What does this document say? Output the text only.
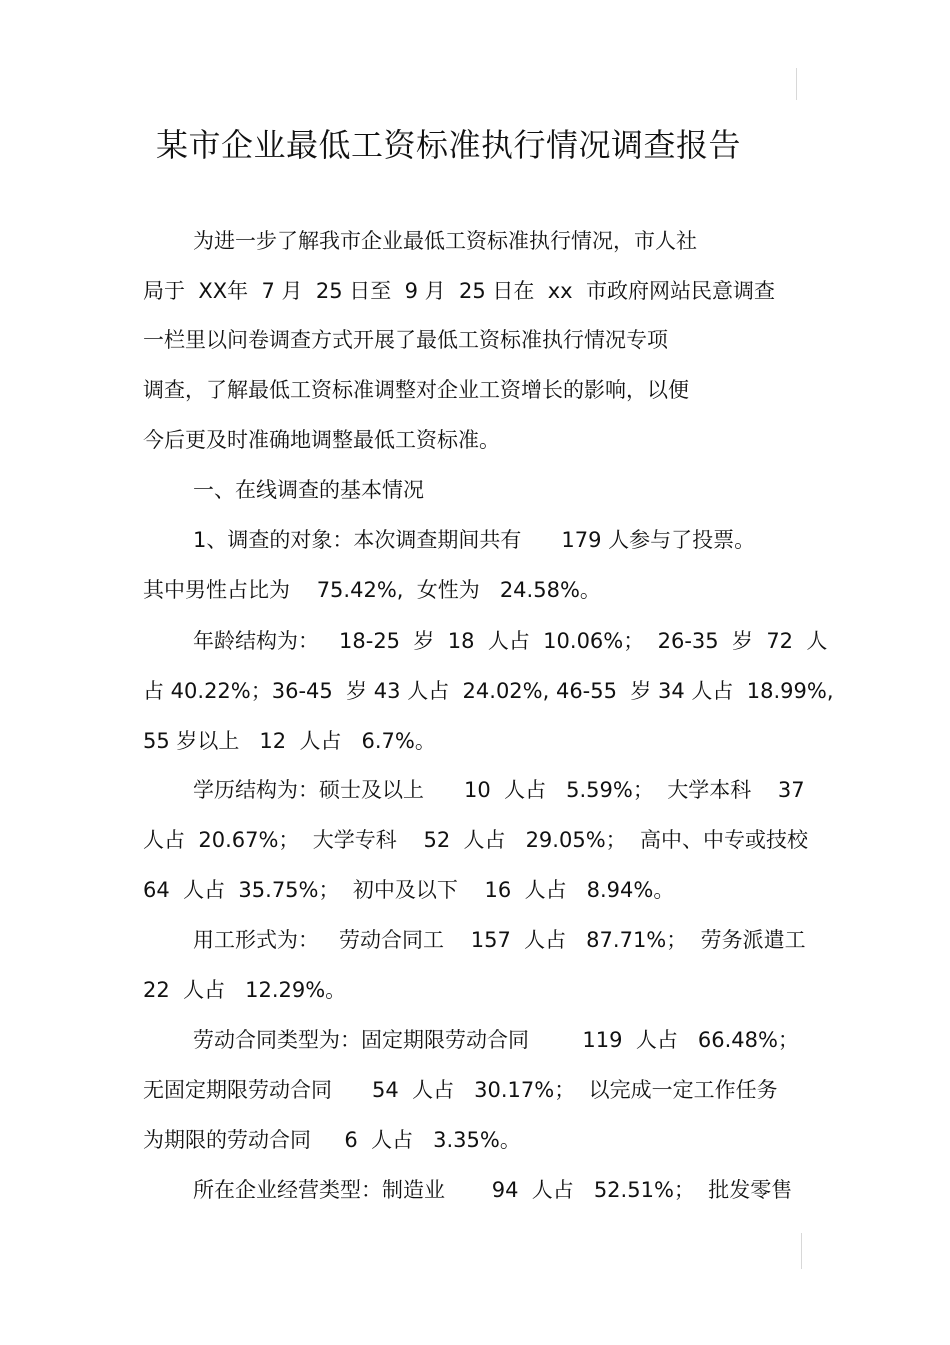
某市企业最低工资标准执行情况调查报告

为进一步了解我市企业最低工资标准执行情况，市人社

局于  XX年  7 月  25 日至  9 月  25 日在  xx  市政府网站民意调查

一栏里以问卷调查方式开展了最低工资标准执行情况专项

调查，了解最低工资标准调整对企业工资增长的影响，以便

今后更及时准确地调整最低工资标准。

一、在线调查的基本情况

1、调查的对象：本次调查期间共有      179 人参与了投票。

其中男性占比为    75.42%,  女性为   24.58%。

年龄结构为：   18-25  岁  18  人占  10.06%；  26-35  岁  72  人

占 40.22%；36-45  岁 43 人占  24.02%, 46-55  岁 34 人占  18.99%,

55 岁以上   12  人占   6.7%。

学历结构为：硕士及以上      10  人占   5.59%；  大学本科    37

人占  20.67%；  大学专科    52  人占   29.05%；  高中、中专或技校

64  人占  35.75%；  初中及以下    16  人占   8.94%。

用工形式为：   劳动合同工    157  人占   87.71%；  劳务派遣工

22  人占   12.29%。

劳动合同类型为：固定期限劳动合同        119  人占   66.48%；

无固定期限劳动合同      54  人占   30.17%；  以完成一定工作任务

为期限的劳动合同     6  人占   3.35%。

所在企业经营类型：制造业       94  人占   52.51%；  批发零售
